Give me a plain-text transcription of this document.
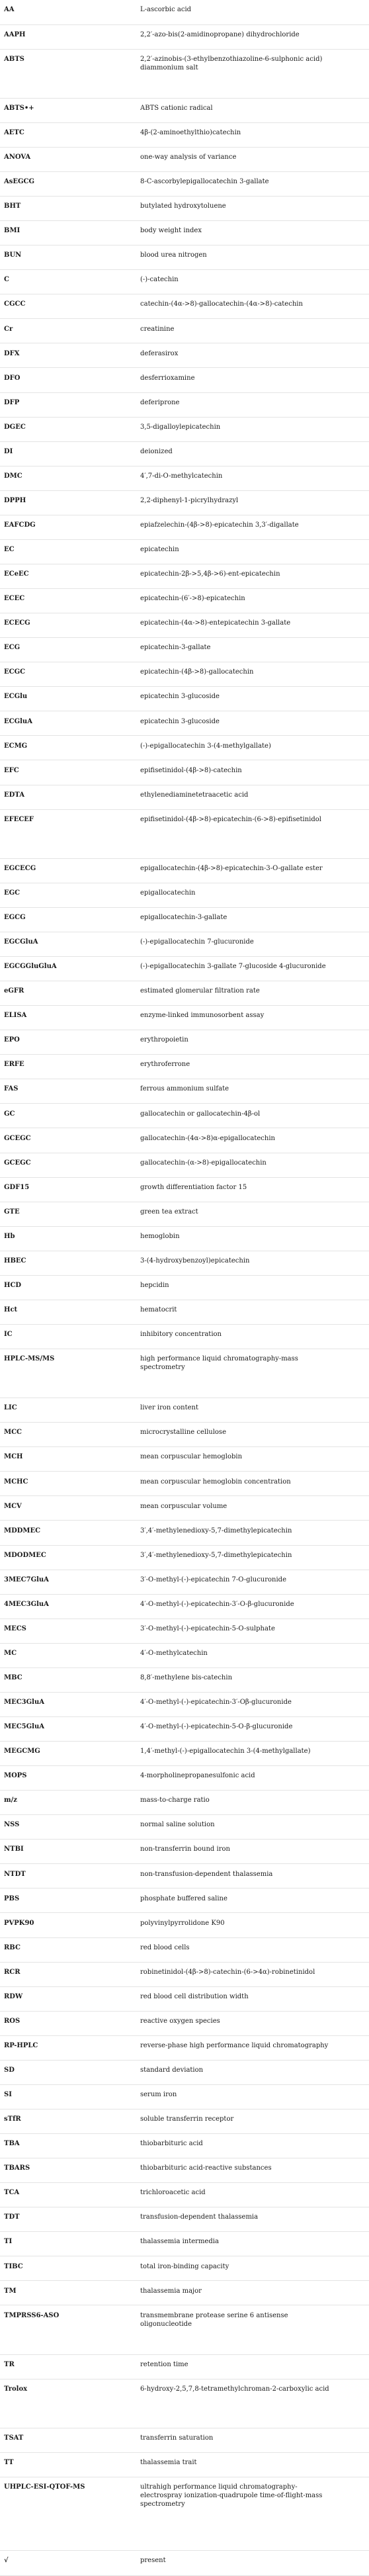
AA	L-ascorbic acid
AAPH	2,2′-azo-bis(2-amidinopropane) dihydrochloride
ABTS	2,2′-azinobis-(3-ethylbenzothiazoline-6-sulphonic acid) diammonium salt
ABTS•+	ABTS cationic radical
AETC	4β-(2-aminoethylthio)catechin
ANOVA	one-way analysis of variance
AsEGCG	8-C-ascorbylepigallocatechin 3-gallate
BHT	butylated hydroxytoluene
BMI	body weight index
BUN	blood urea nitrogen
C	(-)-catechin
CGCC	catechin-(4α->8)-gallocatechin-(4α->8)-catechin
Cr	creatinine
DFX	deferasirox
DFO	desferrioxamine
DFP	deferiprone
DGEC	3,5-digalloylepicatechin
DI	deionized
DMC	4′,7-di-O-methylcatechin
DPPH	2,2-diphenyl-1-picrylhydrazyl
EAFCDG	epiafzelechin-(4β->8)-epicatechin 3,3′-digallate
EC	epicatechin
ECeEC	epicatechin-2β->5,4β->6)-ent-epicatechin
ECEC	epicatechin-(6′->8)-epicatechin
ECECG	epicatechin-(4α->8)-entepicatechin 3-gallate
ECG	epicatechin-3-gallate
ECGC	epicatechin-(4β->8)-gallocatechin
ECGlu	epicatechin 3-glucoside
ECGluA	epicatechin 3-glucoside
ECMG	(-)-epigallocatechin 3-(4-methylgallate)
EFC	epifisetinidol-(4β->8)-catechin
EDTA	ethylenediaminetetraacetic acid
EFECEF	epifisetinidol-(4β->8)-epicatechin-(6->8)-epifisetinidol
EGCECG	epigallocatechin-(4β->8)-epicatechin-3-O-gallate ester
EGC	epigallocatechin
EGCG	epigallocatechin-3-gallate
EGCGluA	(-)-epigallocatechin 7-glucuronide
EGCGGluGluA	(-)-epigallocatechin 3-gallate 7-glucoside 4-glucuronide
eGFR	estimated glomerular filtration rate
ELISA	enzyme-linked immunosorbent assay
EPO	erythropoietin
ERFE	erythroferrone
FAS	ferrous ammonium sulfate
GC	gallocatechin or gallocatechin-4β-ol
GCEGC	gallocatechin-(4α->8)α-epigallocatechin
GCEGC	gallocatechin-(α->8)-epigallocatechin
GDF15	growth differentiation factor 15
GTE	green tea extract
Hb	hemoglobin
HBEC	3-(4-hydroxybenzoyl)epicatechin
HCD	hepcidin
Hct	hematocrit
IC	inhibitory concentration
HPLC-MS/MS	high performance liquid chromatography-mass spectrometry
LIC	liver iron content
MCC	microcrystalline cellulose
MCH	mean corpuscular hemoglobin
MCHC	mean corpuscular hemoglobin concentration
MCV	mean corpuscular volume
MDDMEC	3′,4′-methylenedioxy-5,7-dimethylepicatechin
MDODMEC	3′,4′-methylenedioxy-5,7-dimethylepicatechin
3MEC7GluA	3′-O-methyl-(-)-epicatechin 7-O-glucuronide
4MEC3GluA	4′-O-methyl-(-)-epicatechin-3′-O-β-glucuronide
MECS	3′-O-methyl-(-)-epicatechin-5-O-sulphate
MC	4′-O-methylcatechin
MBC	8,8′-methylene bis-catechin
MEC3GluA	4′-O-methyl-(-)-epicatechin-3′-Oβ-glucuronide
MEC5GluA	4′-O-methyl-(-)-epicatechin-5-O-β-glucuronide
MEGCMG	1,4′-methyl-(-)-epigallocatechin 3-(4-methylgallate)
MOPS	4-morpholinepropanesulfonic acid
m/z	mass-to-charge ratio
NSS	normal saline solution
NTBI	non-transferrin bound iron
NTDT	non-transfusion-dependent thalassemia
PBS	phosphate buffered saline
PVPK90	polyvinylpyrrolidone K90
RBC	red blood cells
RCR	robinetinidol-(4β->8)-catechin-(6->4α)-robinetinidol
RDW	red blood cell distribution width
ROS	reactive oxygen species
RP-HPLC	reverse-phase high performance liquid chromatography
SD	standard deviation
SI	serum iron
sTfR	soluble transferrin receptor
TBA	thiobarbituric acid
TBARS	thiobarbituric acid-reactive substances
TCA	trichloroacetic acid
TDT	transfusion-dependent thalassemia
TI	thalassemia intermedia
TIBC	total iron-binding capacity
TM	thalassemia major
TMPRSS6-ASO	transmembrane protease serine 6 antisense oligonucleotide
TR	retention time
Trolox	6-hydroxy-2,5,7,8-tetramethylchroman-2-carboxylic acid
TSAT	transferrin saturation
TT	thalassemia trait
UHPLC-ESI-QTOF-MS	ultrahigh performance liquid chromatography-electrospray ionization-quadrupole time-of-flight-mass spectrometry
√	present
